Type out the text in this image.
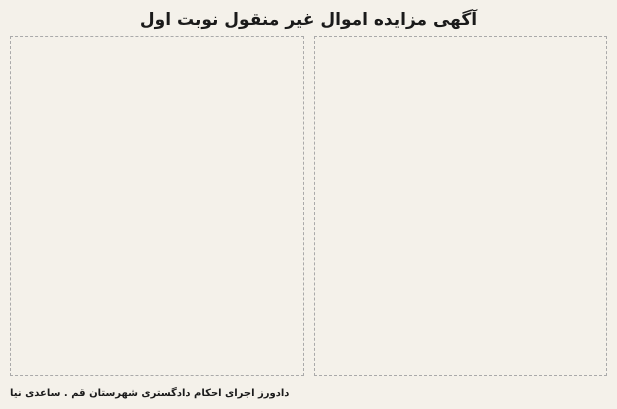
آگهی مزایده اموال غیر منقول نوبت اول
دادورز اجرای احکام دادگستری شهرستان قم . ساعدی نیا
